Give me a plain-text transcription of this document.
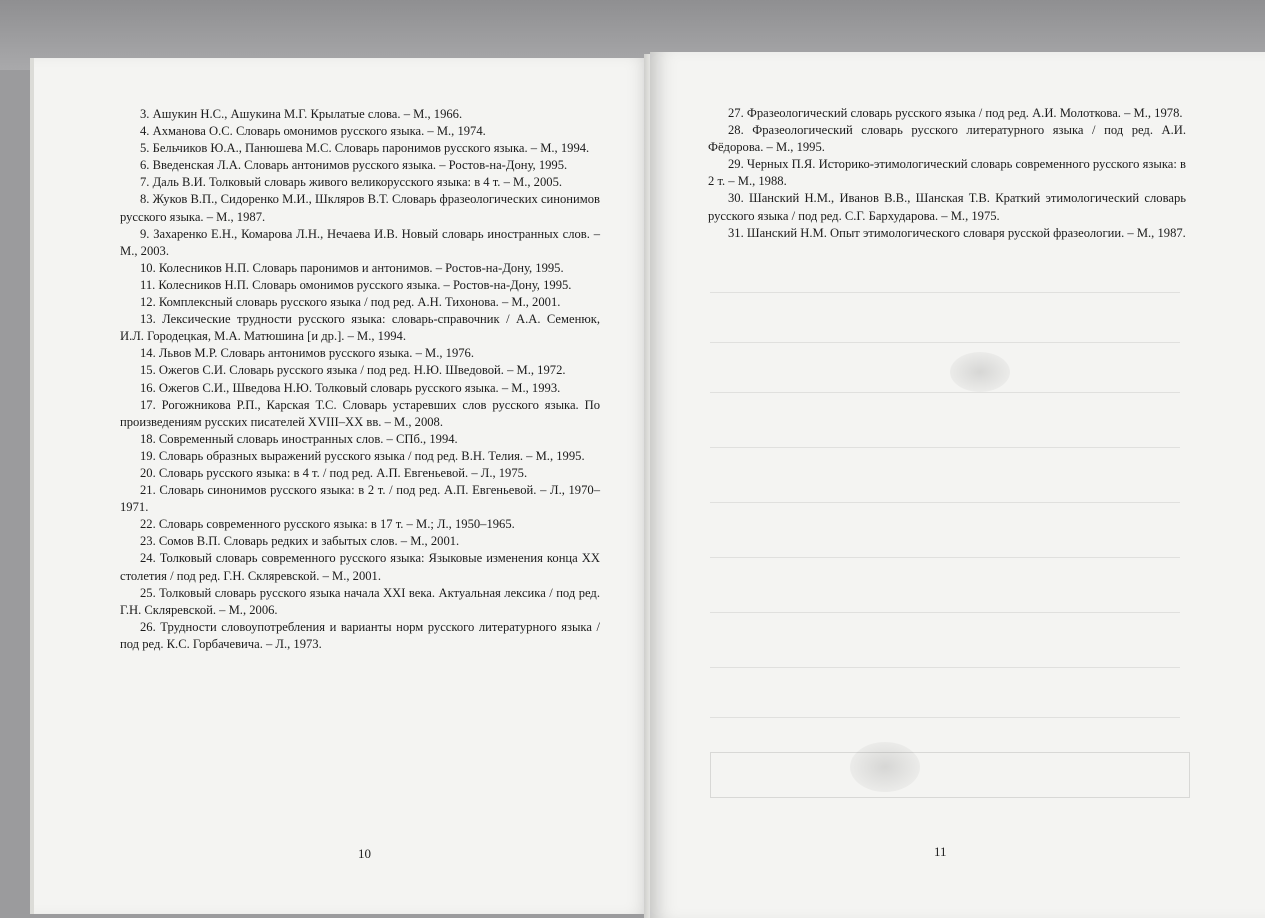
3. Ашукин Н.С., Ашукина М.Г. Крылатые слова. – М., 1966.

4. Ахманова О.С. Словарь омонимов русского языка. – М., 1974.

5. Бельчиков Ю.А., Панюшева М.С. Словарь паронимов русского языка. – М., 1994.

6. Введенская Л.А. Словарь антонимов русского языка. – Ростов-на-Дону, 1995.

7. Даль В.И. Толковый словарь живого великорусского языка: в 4 т. – М., 2005.

8. Жуков В.П., Сидоренко М.И., Шкляров В.Т. Словарь фразеологических синонимов русского языка. – М., 1987.

9. Захаренко Е.Н., Комарова Л.Н., Нечаева И.В. Новый словарь иностранных слов. – М., 2003.

10. Колесников Н.П. Словарь паронимов и антонимов. – Ростов-на-Дону, 1995.

11. Колесников Н.П. Словарь омонимов русского языка. – Ростов-на-Дону, 1995.

12. Комплексный словарь русского языка / под ред. А.Н. Тихонова. – М., 2001.

13. Лексические трудности русского языка: словарь-справочник / А.А. Семенюк, И.Л. Городецкая, М.А. Матюшина [и др.]. – М., 1994.

14. Львов М.Р. Словарь антонимов русского языка. – М., 1976.

15. Ожегов С.И. Словарь русского языка / под ред. Н.Ю. Шведовой. – М., 1972.

16. Ожегов С.И., Шведова Н.Ю. Толковый словарь русского языка. – М., 1993.

17. Рогожникова Р.П., Карская Т.С. Словарь устаревших слов русского языка. По произведениям русских писателей XVIII–XX вв. – М., 2008.

18. Современный словарь иностранных слов. – СПб., 1994.

19. Словарь образных выражений русского языка / под ред. В.Н. Телия. – М., 1995.

20. Словарь русского языка: в 4 т. / под ред. А.П. Евгеньевой. – Л., 1975.

21. Словарь синонимов русского языка: в 2 т. / под ред. А.П. Евгеньевой. – Л., 1970–1971.

22. Словарь современного русского языка: в 17 т. – М.; Л., 1950–1965.

23. Сомов В.П. Словарь редких и забытых слов. – М., 2001.

24. Толковый словарь современного русского языка: Языковые изменения конца XX столетия / под ред. Г.Н. Скляревской. – М., 2001.

25. Толковый словарь русского языка начала XXI века. Актуальная лексика / под ред. Г.Н. Скляревской. – М., 2006.

26. Трудности словоупотребления и варианты норм русского литературного языка / под ред. К.С. Горбачевича. – Л., 1973.

10

27. Фразеологический словарь русского языка / под ред. А.И. Молоткова. – М., 1978.

28. Фразеологический словарь русского литературного языка / под ред. А.И. Фёдорова. – М., 1995.

29. Черных П.Я. Историко-этимологический словарь современного русского языка: в 2 т. – М., 1988.

30. Шанский Н.М., Иванов В.В., Шанская Т.В. Краткий этимологический словарь русского языка / под ред. С.Г. Бархударова. – М., 1975.

31. Шанский Н.М. Опыт этимологического словаря русской фразеологии. – М., 1987.

11
